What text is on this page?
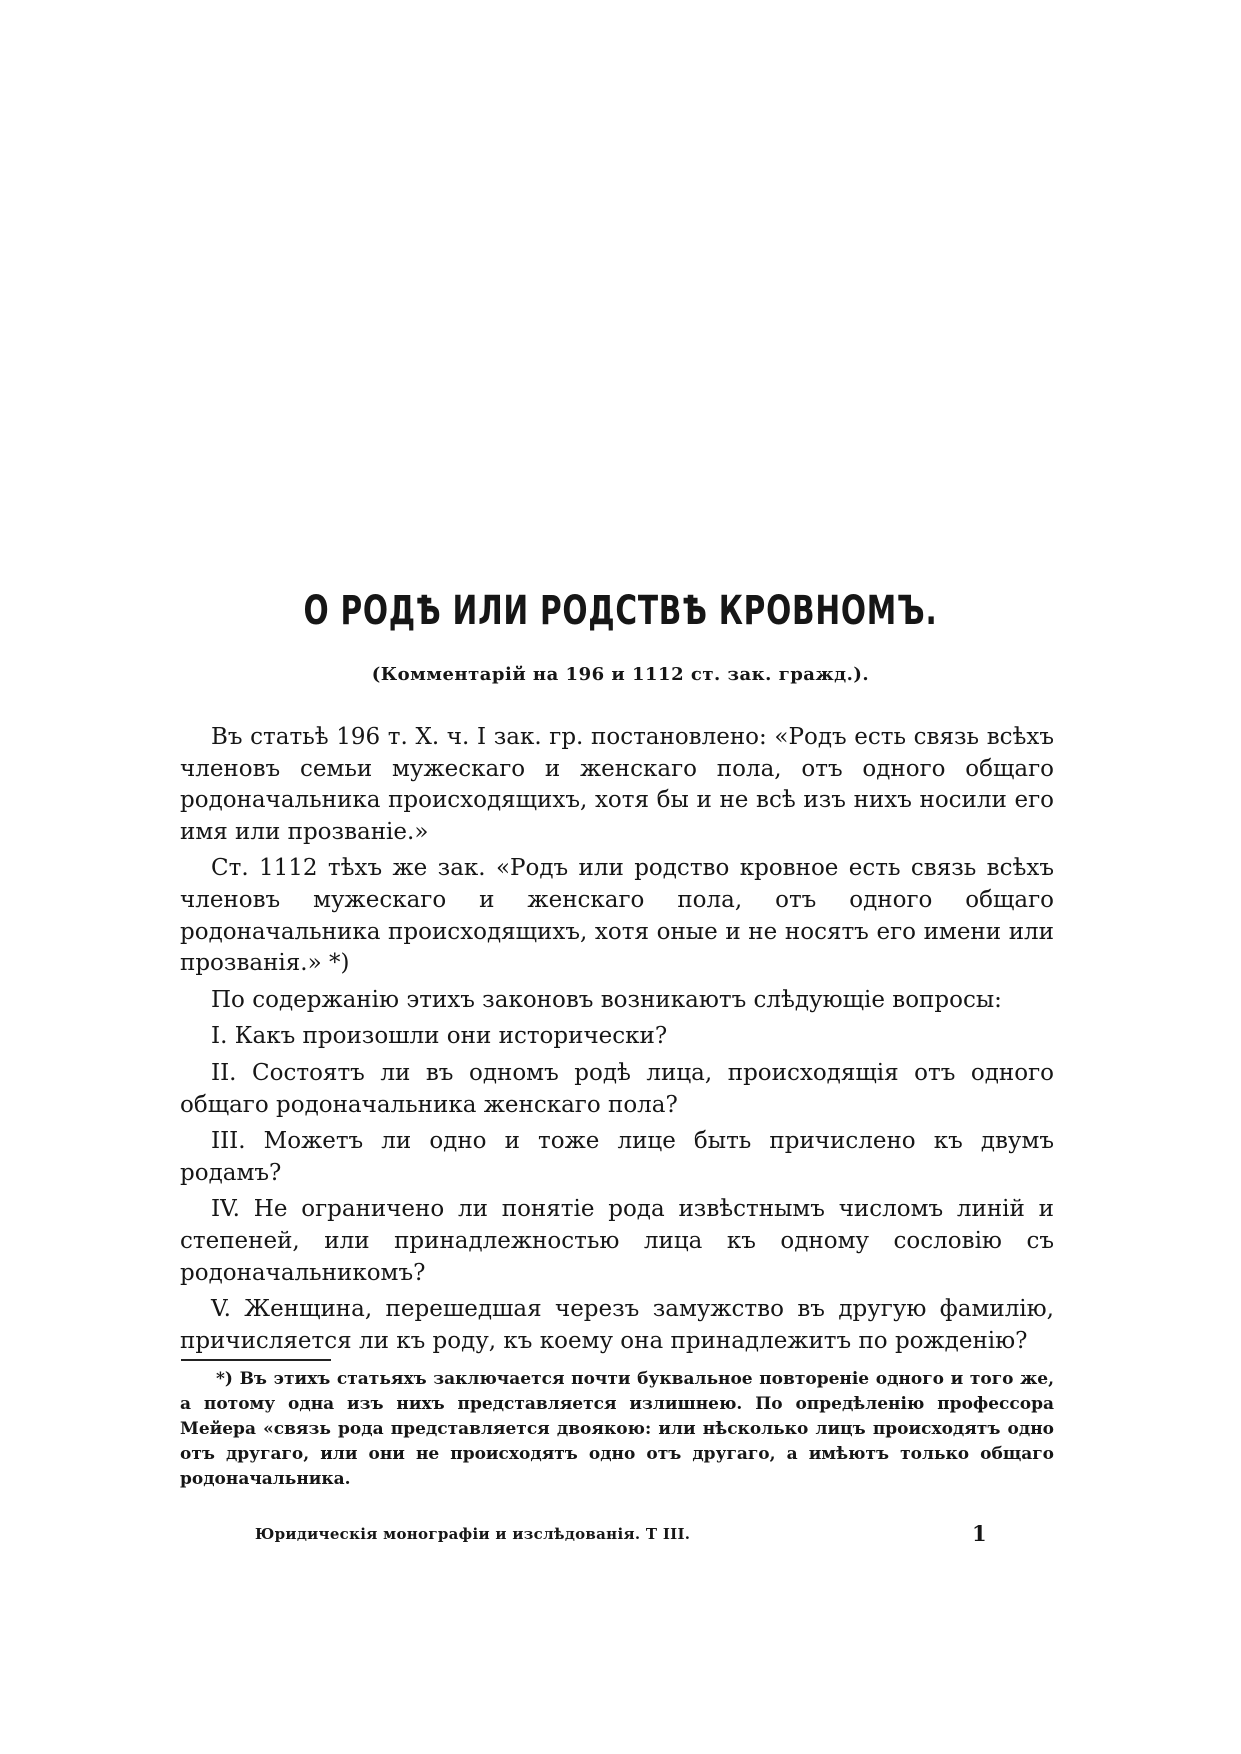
О РОДѢ ИЛИ РОДСТВѢ КРОВНОМЪ.
(Комментарій на 196 и 1112 ст. зак. гражд.).

Въ статьѣ 196 т. X. ч. I зак. гр. постановлено: «Родъ есть связь всѣхъ членовъ семьи мужескаго и женскаго пола, отъ одного общаго родоначальника происходящихъ, хотя бы и не всѣ изъ нихъ носили его имя или прозваніе.»

Ст. 1112 тѣхъ же зак. «Родъ или родство кровное есть связь всѣхъ членовъ мужескаго и женскаго пола, отъ одного общаго родоначальника происходящихъ, хотя оные и не носятъ его имени или прозванія.» *)

По содержанію этихъ законовъ возникаютъ слѣдующіе вопросы:

I. Какъ произошли они исторически?

II. Состоятъ ли въ одномъ родѣ лица, происходящія отъ одного общаго родоначальника женскаго пола?

III. Можетъ ли одно и тоже лице быть причислено къ двумъ родамъ?

IV. Не ограничено ли понятіе рода извѣстнымъ числомъ линій и степеней, или принадлежностью лица къ одному сословію съ родоначальникомъ?

V. Женщина, перешедшая черезъ замужство въ другую фамилію, причисляется ли къ роду, къ коему она принадлежитъ по рожденію?

*) Въ этихъ статьяхъ заключается почти буквальное повтореніе одного и того же, а потому одна изъ нихъ представляется излишнею. По опредѣленію профессора Мейера «связь рода представляется двоякою: или нѣсколько лицъ происходятъ одно отъ другаго, или они не происходятъ одно отъ другаго, а имѣютъ только общаго родоначальника.
Юридическія монографіи и изслѣдованія. Т III.	1
